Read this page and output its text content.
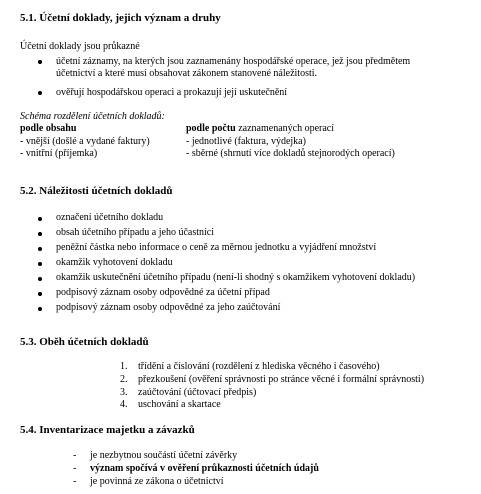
5.1. Účetní doklady, jejich význam a druhy
Účetní doklady jsou průkazné
účetní záznamy, na kterých jsou zaznamenány hospodářské operace, jež jsou předmětem
účetnictví a které musí obsahovat zákonem stanovené náležitosti.
ověřují hospodářskou operaci a prokazují její uskutečnění
Schéma rozdělení účetních dokladů:
podle obsahu
- vnější (došlé a vydané faktury)
- vnitřní (příjemka)
podle počtu zaznamenaných operací
- jednotlivé (faktura, výdejka)
- sběrné (shrnutí více dokladů stejnorodých operací)
5.2. Náležitosti účetních dokladů
označení účetního dokladu
obsah účetního případu a jeho účastníci
peněžní částka nebo informace o ceně za měrnou jednotku a vyjádření množství
okamžik vyhotovení dokladu
okamžik uskutečnění účetního případu (není-li shodný s okamžikem vyhotovení dokladu)
podpisový záznam osoby odpovědné za účetní případ
podpisový záznam osoby odpovědné za jeho zaúčtování
5.3. Oběh účetních dokladů
1. třídění a číslování (rozdělení z hlediska věcného i časového)
2. přezkoušení (ověření správnosti po stránce věcné i formální správnosti)
3. zaúčtování (účtovací předpis)
4. uschování a skartace
5.4. Inventarizace majetku a závazků
- je nezbytnou součástí účetní závěrky
- význam spočívá v ověření průkaznosti účetních údajů
- je povinná ze zákona o účetnictví
